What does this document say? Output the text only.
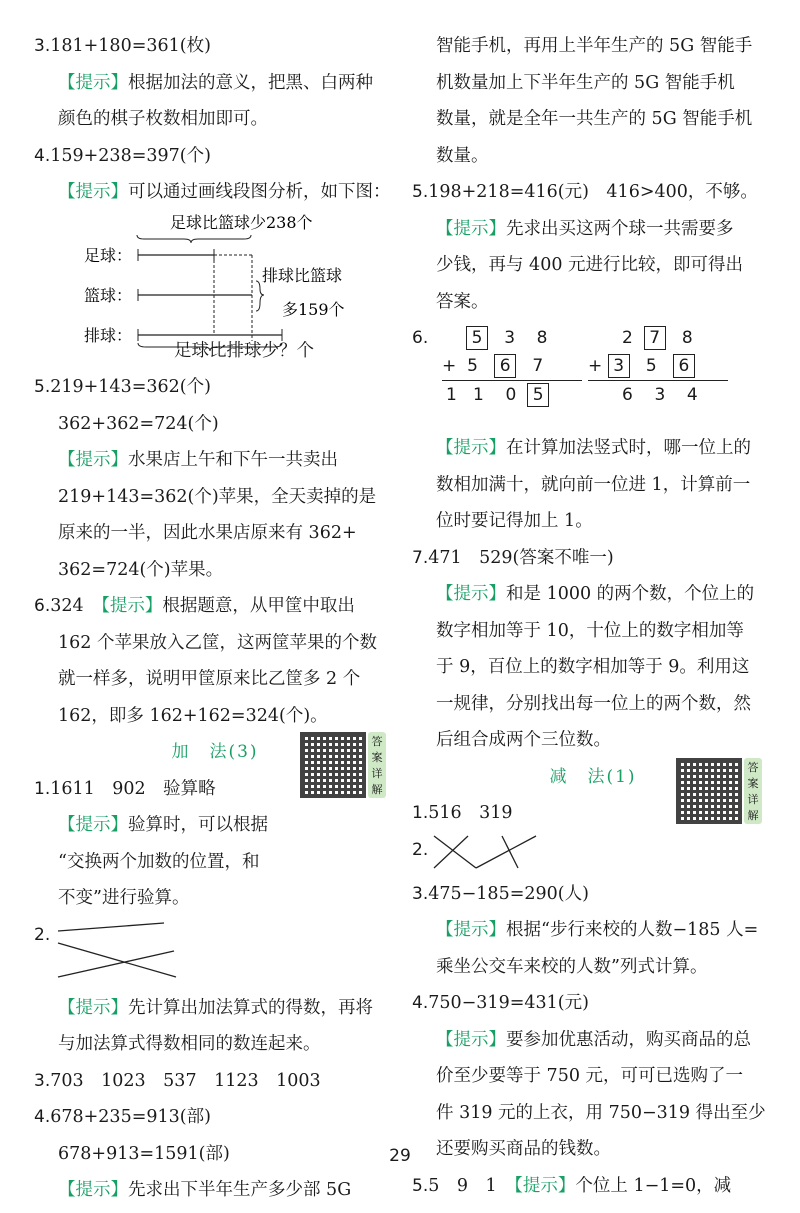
3.181+180=361(枚)
【提示】根据加法的意义，把黑、白两种
颜色的棋子枚数相加即可。
4.159+238=397(个)
【提示】可以通过画线段图分析，如下图：
足球比篮球少238个
足球：
篮球：
排球：
排球比篮球
多159个
足球比排球少？个
5.219+143=362(个)
362+362=724(个)
【提示】水果店上午和下午一共卖出
219+143=362(个)苹果，全天卖掉的是
原来的一半，因此水果店原来有 362+
362=724(个)苹果。
6.324　【提示】根据题意，从甲筐中取出
162 个苹果放入乙筐，这两筐苹果的个数
就一样多，说明甲筐原来比乙筐多 2 个
162，即多 162+162=324(个)。
加　法(3)
1.1611　902　验算略
【提示】验算时，可以根据
“交换两个加数的位置，和
不变”进行验算。
答案详解
2.
【提示】先计算出加法算式的得数，再将
与加法算式得数相同的数连起来。
3.703　1023　537　1123　1003
4.678+235=913(部)
678+913=1591(部)
【提示】先求出下半年生产多少部 5G
智能手机，再用上半年生产的 5G 智能手
机数量加上下半年生产的 5G 智能手机
数量，就是全年一共生产的 5G 智能手机
数量。
5.198+218=416(元)　416>400，不够。
【提示】先求出买这两个球一共需要多
少钱，再与 400 元进行比较，即可得出
答案。
6.	5 3 8
+ 5 6 7
1 1 0 5
2 7 8
+ 3 5 6
6 3 4
【提示】在计算加法竖式时，哪一位上的
数相加满十，就向前一位进 1，计算前一
位时要记得加上 1。
7.471　529(答案不唯一)
【提示】和是 1000 的两个数，个位上的
数字相加等于 10，十位上的数字相加等
于 9，百位上的数字相加等于 9。利用这
一规律，分别找出每一位上的两个数，然
后组合成两个三位数。
减　法(1)
1.516　319
答案详解
2.
3.475−185=290(人)
【提示】根据“步行来校的人数−185 人=
乘坐公交车来校的人数”列式计算。
4.750−319=431(元)
【提示】要参加优惠活动，购买商品的总
价至少要等于 750 元，可可已选购了一
件 319 元的上衣，用 750−319 得出至少
还要购买商品的钱数。
5.5　9　1　【提示】个位上 1−1=0，减
29
